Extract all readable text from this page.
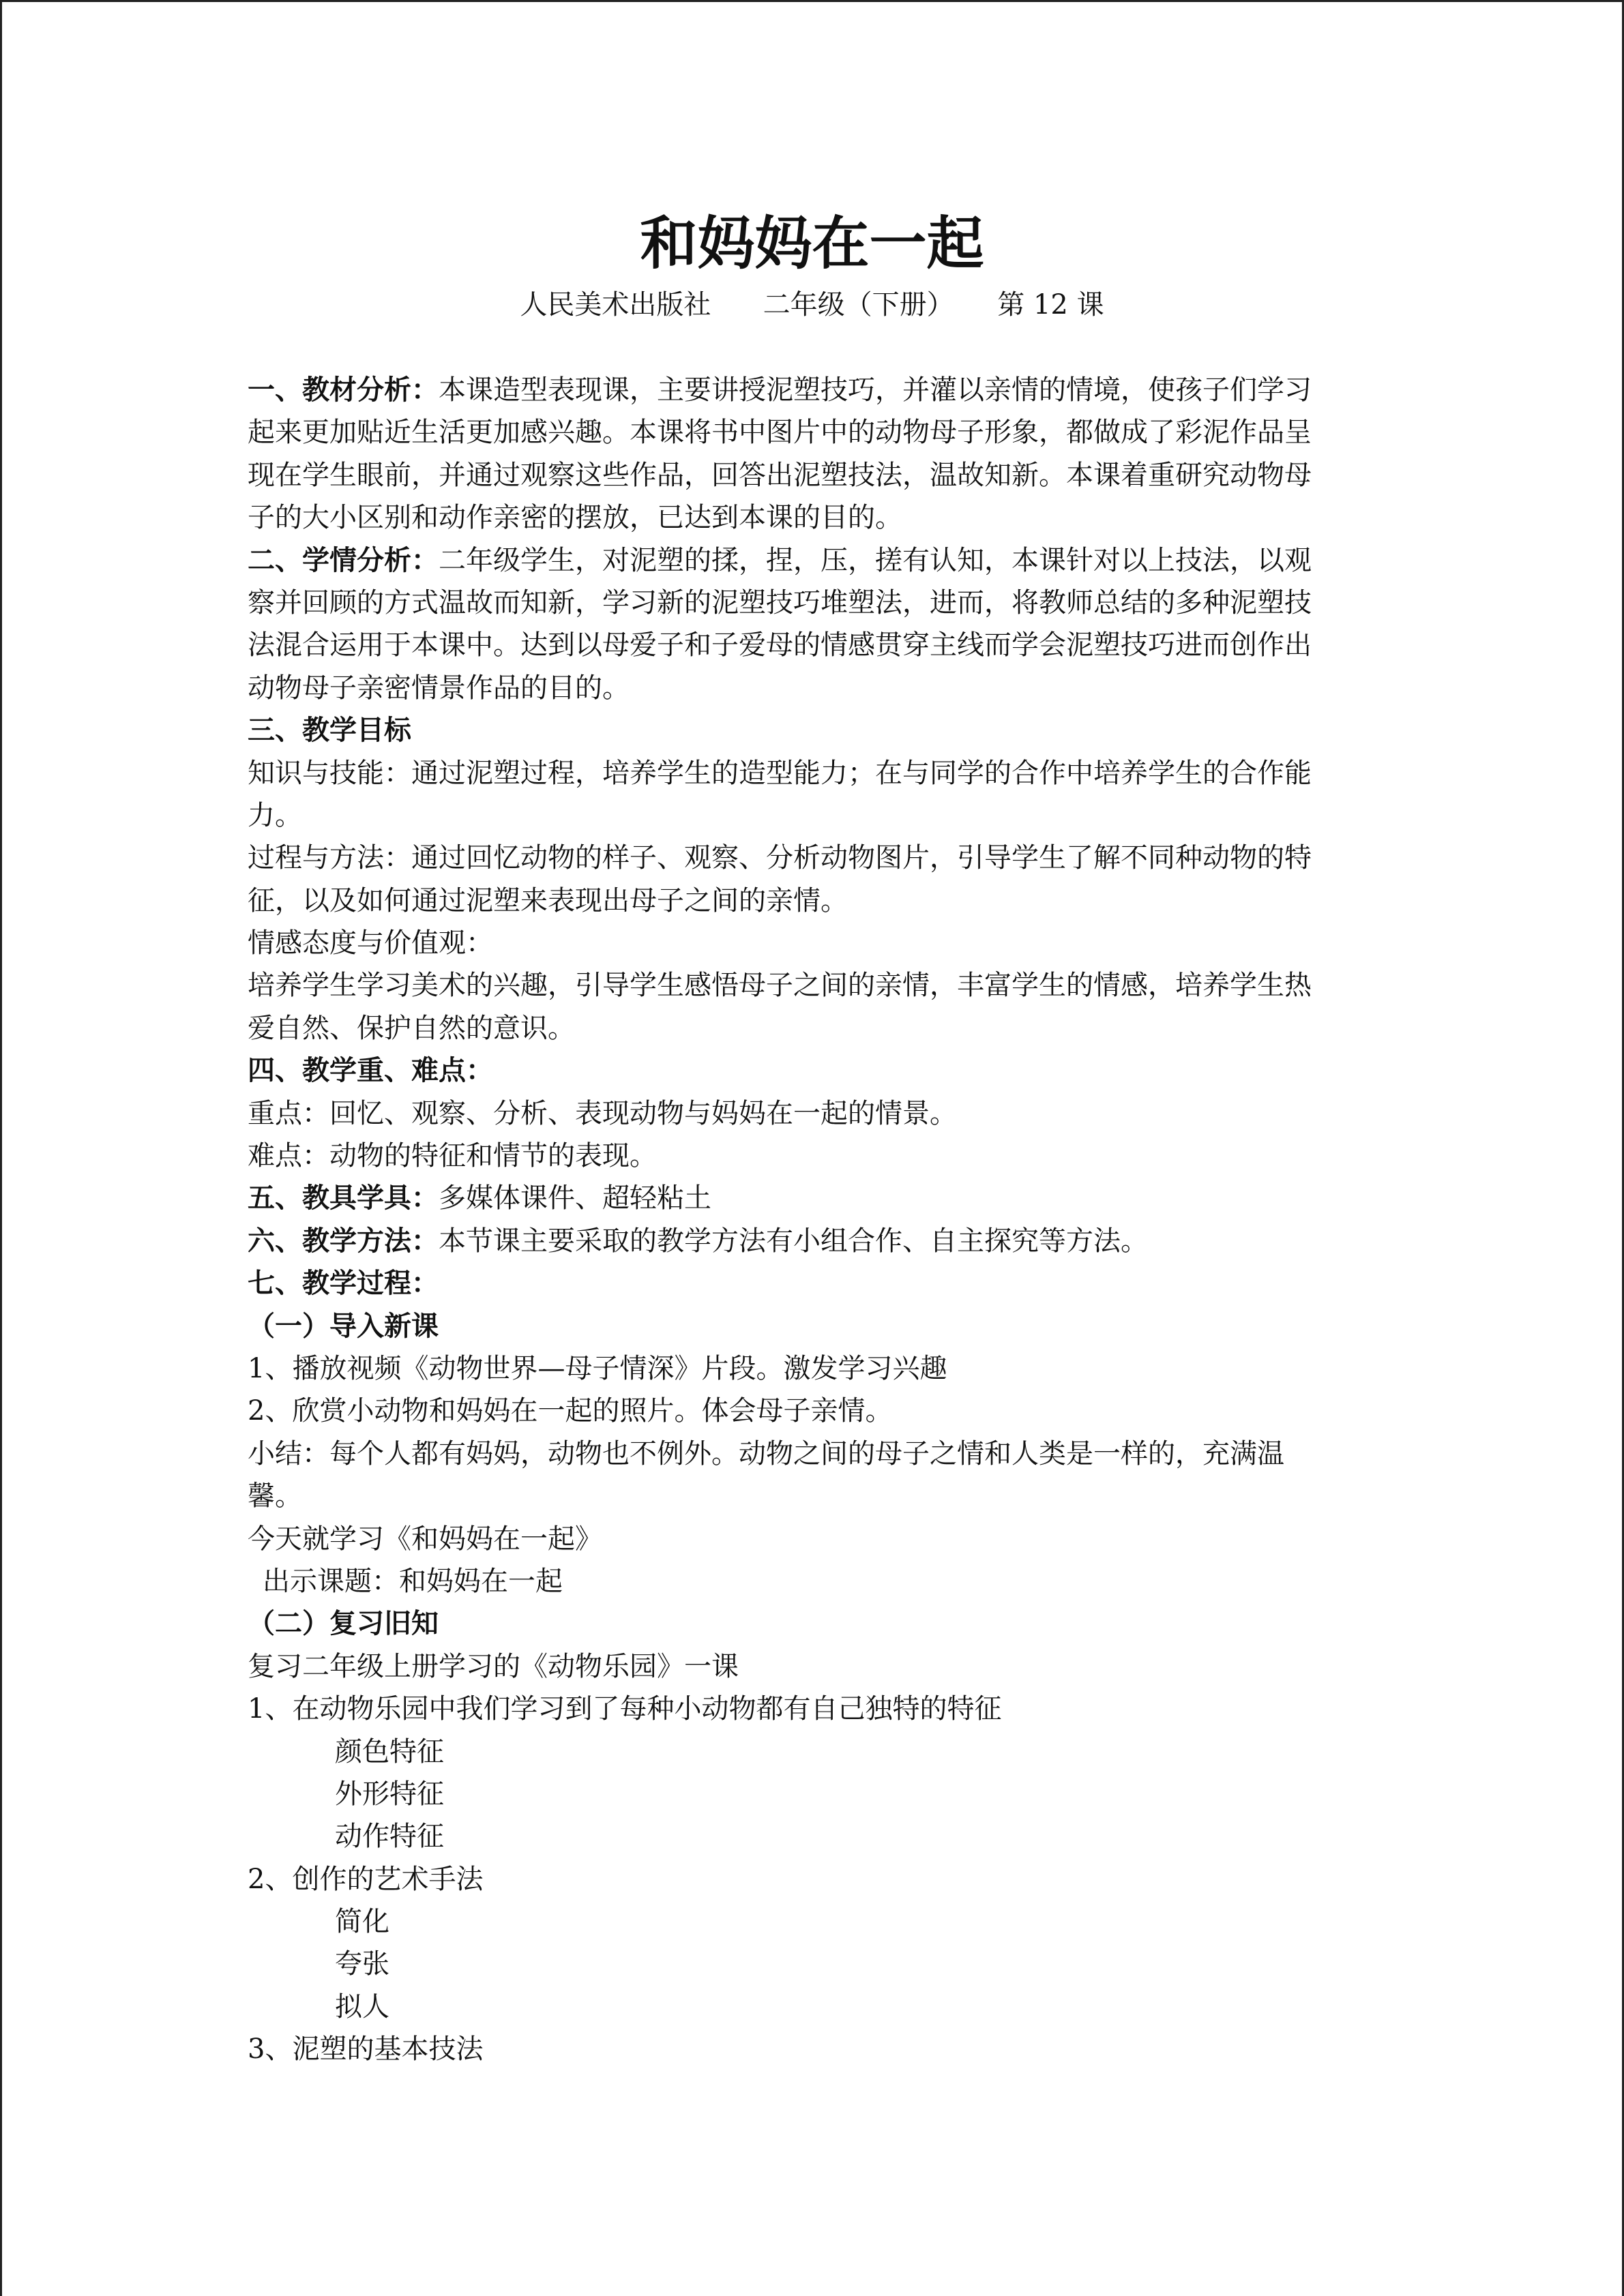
和妈妈在一起

人民美术出版社      二年级（下册）     第 12 课

一、教材分析：本课造型表现课，主要讲授泥塑技巧，并灌以亲情的情境，使孩子们学习

起来更加贴近生活更加感兴趣。本课将书中图片中的动物母子形象，都做成了彩泥作品呈

现在学生眼前，并通过观察这些作品，回答出泥塑技法，温故知新。本课着重研究动物母

子的大小区别和动作亲密的摆放，已达到本课的目的。

二、学情分析：二年级学生，对泥塑的揉，捏，压，搓有认知，本课针对以上技法，以观

察并回顾的方式温故而知新，学习新的泥塑技巧堆塑法，进而，将教师总结的多种泥塑技

法混合运用于本课中。达到以母爱子和子爱母的情感贯穿主线而学会泥塑技巧进而创作出

动物母子亲密情景作品的目的。

三、教学目标

知识与技能：通过泥塑过程，培养学生的造型能力；在与同学的合作中培养学生的合作能

力。

过程与方法：通过回忆动物的样子、观察、分析动物图片，引导学生了解不同种动物的特

征，以及如何通过泥塑来表现出母子之间的亲情。

情感态度与价值观：

培养学生学习美术的兴趣，引导学生感悟母子之间的亲情，丰富学生的情感，培养学生热

爱自然、保护自然的意识。

四、教学重、难点：

重点：回忆、观察、分析、表现动物与妈妈在一起的情景。

难点：动物的特征和情节的表现。

五、教具学具：多媒体课件、超轻粘土

六、教学方法：本节课主要采取的教学方法有小组合作、自主探究等方法。

七、教学过程：

（一）导入新课

1、播放视频《动物世界—母子情深》片段。激发学习兴趣

2、欣赏小动物和妈妈在一起的照片。体会母子亲情。

小结：每个人都有妈妈，动物也不例外。动物之间的母子之情和人类是一样的，充满温

馨。

今天就学习《和妈妈在一起》

出示课题：和妈妈在一起

（二）复习旧知

复习二年级上册学习的《动物乐园》一课

1、在动物乐园中我们学习到了每种小动物都有自己独特的特征

颜色特征

外形特征

动作特征

2、创作的艺术手法

简化

夸张

拟人

3、泥塑的基本技法
